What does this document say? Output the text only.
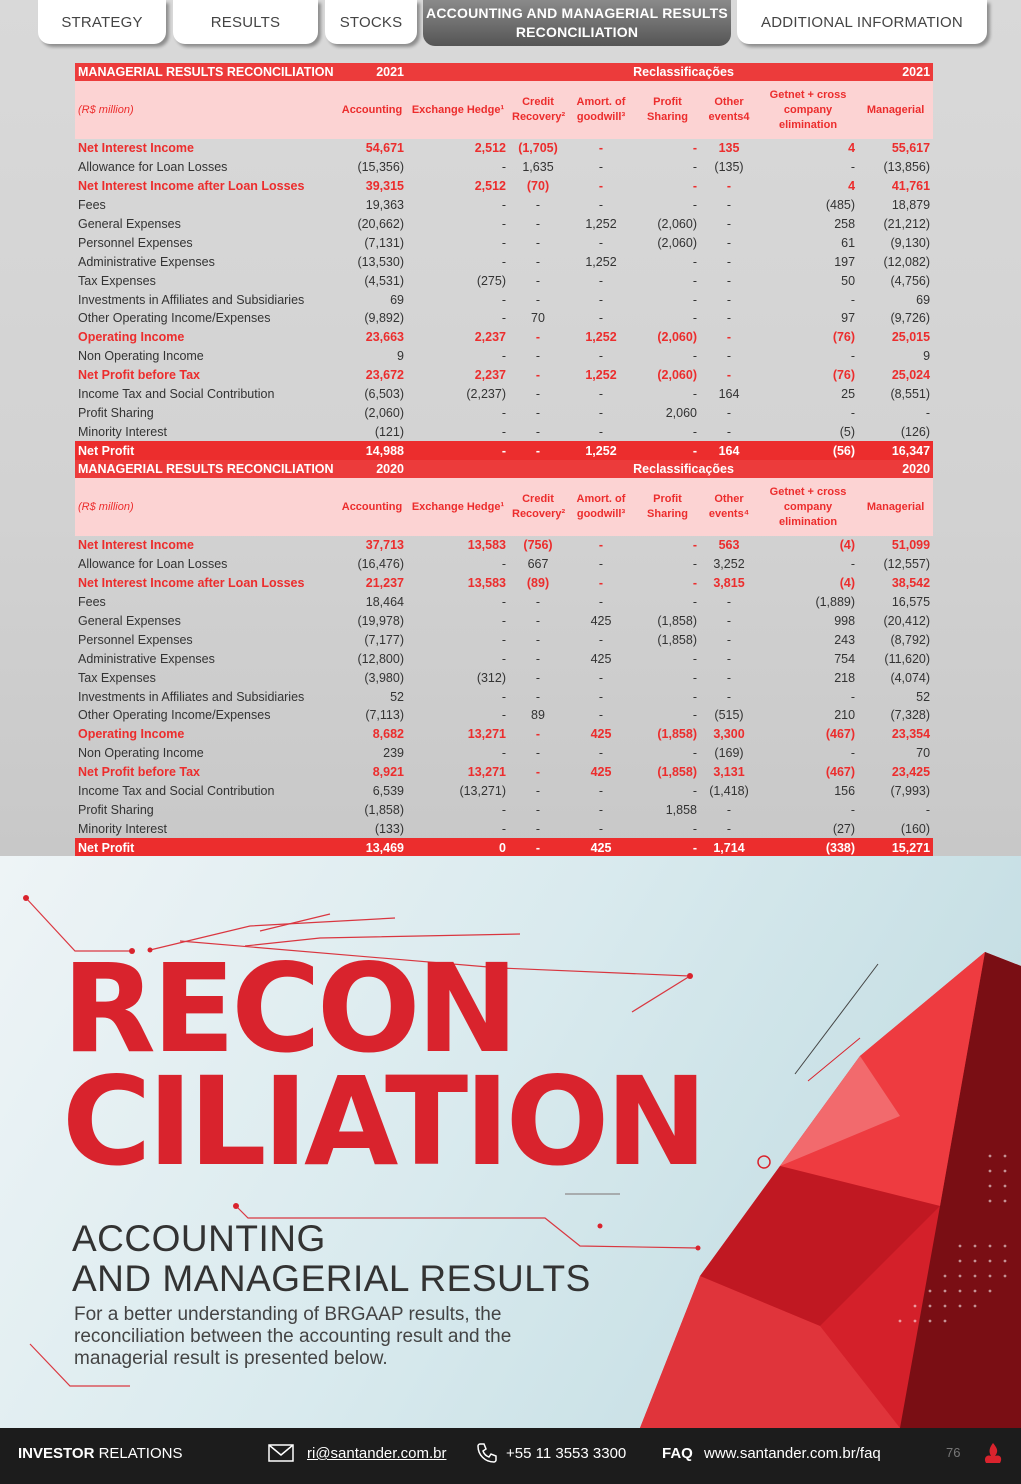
STRATEGY	RESULTS	STOCKS
ACCOUNTING AND MANAGERIAL RESULTS RECONCILIATION
ADDITIONAL INFORMATION
MANAGERIAL RESULTS RECONCILIATION	2021		Reclassificações					2021
(R$ million)	Accounting	Exchange Hedge¹	Credit Recovery²	Amort. of goodwill³	Profit Sharing	Other events4	Getnet + cross company elimination	Managerial
Net Interest Income	54,671	2,512	(1,705)	-	-	135	4	55,617
Allowance for Loan Losses	(15,356)	-	1,635	-	-	(135)	-	(13,856)
Net Interest Income after Loan Losses	39,315	2,512	(70)	-	-	-	4	41,761
Fees	19,363	-	-	-	-	-	(485)	18,879
General Expenses	(20,662)	-	-	1,252	(2,060)	-	258	(21,212)
Personnel Expenses	(7,131)	-	-	-	(2,060)	-	61	(9,130)
Administrative Expenses	(13,530)	-	-	1,252	-	-	197	(12,082)
Tax Expenses	(4,531)	(275)	-	-	-	-	50	(4,756)
Investments in Affiliates and Subsidiaries	69	-	-	-	-	-	-	69
Other Operating Income/Expenses	(9,892)	-	70	-	-	-	97	(9,726)
Operating Income	23,663	2,237	-	1,252	(2,060)	-	(76)	25,015
Non Operating Income	9	-	-	-	-	-	-	9
Net Profit before Tax	23,672	2,237	-	1,252	(2,060)	-	(76)	25,024
Income Tax and Social Contribution	(6,503)	(2,237)	-	-	-	164	25	(8,551)
Profit Sharing	(2,060)	-	-	-	2,060	-	-	-
Minority Interest	(121)	-	-	-	-	-	(5)	(126)
Net Profit	14,988	-	-	1,252	-	164	(56)	16,347
MANAGERIAL RESULTS RECONCILIATION	2020		Reclassificações					2020
(R$ million)	Accounting	Exchange Hedge¹	Credit Recovery²	Amort. of goodwill³	Profit Sharing	Other events⁴	Getnet + cross company elimination	Managerial
Net Interest Income	37,713	13,583	(756)	-	-	563	(4)	51,099
Allowance for Loan Losses	(16,476)	-	667	-	-	3,252	-	(12,557)
Net Interest Income after Loan Losses	21,237	13,583	(89)	-	-	3,815	(4)	38,542
Fees	18,464	-	-	-	-	-	(1,889)	16,575
General Expenses	(19,978)	-	-	425	(1,858)	-	998	(20,412)
Personnel Expenses	(7,177)	-	-	-	(1,858)	-	243	(8,792)
Administrative Expenses	(12,800)	-	-	425	-	-	754	(11,620)
Tax Expenses	(3,980)	(312)	-	-	-	-	218	(4,074)
Investments in Affiliates and Subsidiaries	52	-	-	-	-	-	-	52
Other Operating Income/Expenses	(7,113)	-	89	-	-	(515)	210	(7,328)
Operating Income	8,682	13,271	-	425	(1,858)	3,300	(467)	23,354
Non Operating Income	239	-	-	-	-	(169)	-	70
Net Profit before Tax	8,921	13,271	-	425	(1,858)	3,131	(467)	23,425
Income Tax and Social Contribution	6,539	(13,271)	-	-	-	(1,418)	156	(7,993)
Profit Sharing	(1,858)	-	-	-	1,858	-	-	-
Minority Interest	(133)	-	-	-	-	-	(27)	(160)
Net Profit	13,469	0	-	425	-	1,714	(338)	15,271
RECON
CILIATION
ACCOUNTING
AND MANAGERIAL RESULTS
For a better understanding of BRGAAP results, the reconciliation between the accounting result and the managerial result is presented below.
INVESTOR RELATIONS	ri@santander.com.br	+55 11 3553 3300 FAQ www.santander.com.br/faq	76
